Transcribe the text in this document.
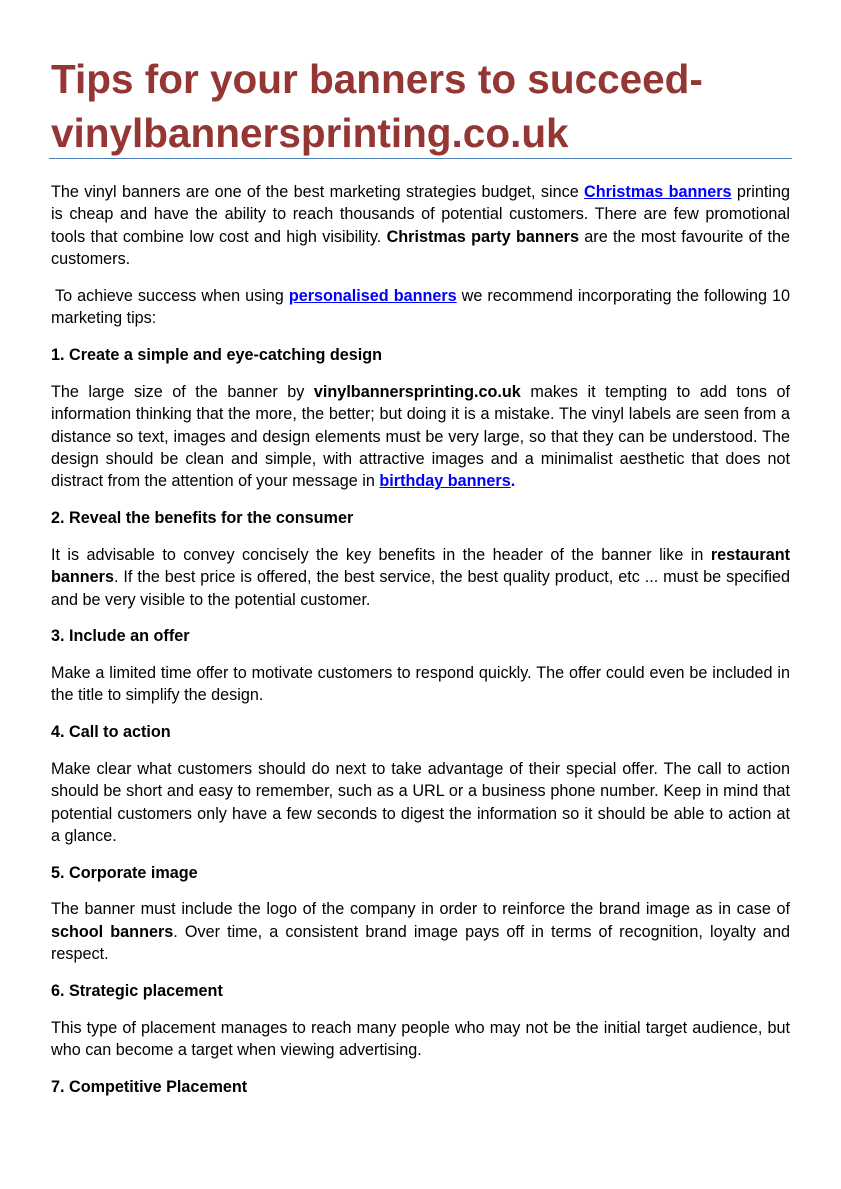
Tips for your banners to succeed-
vinylbannersprinting.co.uk

The vinyl banners are one of the best marketing strategies budget, since Christmas banners printing is cheap and have the ability to reach thousands of potential customers. There are few promotional tools that combine low cost and high visibility. Christmas party banners are the most favourite of the customers.

To achieve success when using personalised banners we recommend incorporating the following 10 marketing tips:

1. Create a simple and eye-catching design

The large size of the banner by vinylbannersprinting.co.uk makes it tempting to add tons of information thinking that the more, the better; but doing it is a mistake. The vinyl labels are seen from a distance so text, images and design elements must be very large, so that they can be understood. The design should be clean and simple, with attractive images and a minimalist aesthetic that does not distract from the attention of your message in birthday banners.

2. Reveal the benefits for the consumer

It is advisable to convey concisely the key benefits in the header of the banner like in restaurant banners. If the best price is offered, the best service, the best quality product, etc ... must be specified and be very visible to the potential customer.

3. Include an offer

Make a limited time offer to motivate customers to respond quickly. The offer could even be included in the title to simplify the design.

4. Call to action

Make clear what customers should do next to take advantage of their special offer. The call to action should be short and easy to remember, such as a URL or a business phone number. Keep in mind that potential customers only have a few seconds to digest the information so it should be able to action at a glance.

5. Corporate image

The banner must include the logo of the company in order to reinforce the brand image as in case of school banners. Over time, a consistent brand image pays off in terms of recognition, loyalty and respect.

6. Strategic placement

This type of placement manages to reach many people who may not be the initial target audience, but who can become a target when viewing advertising.

7. Competitive Placement
